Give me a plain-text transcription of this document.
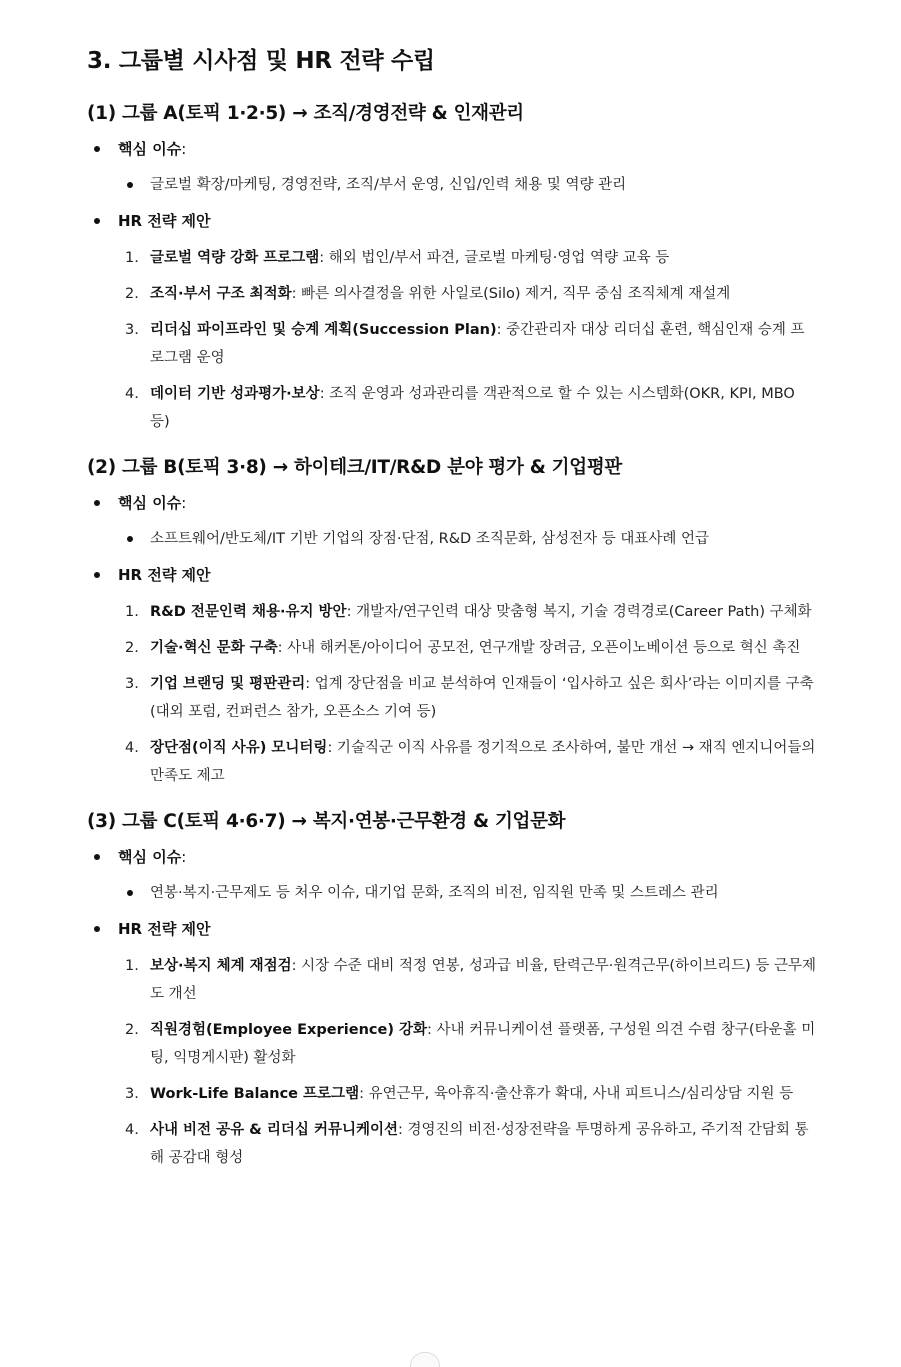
3. 그룹별 시사점 및 HR 전략 수립
(1) 그룹 A(토픽 1·2·5) → 조직/경영전략 & 인재관리
핵심 이슈:
글로벌 확장/마케팅, 경영전략, 조직/부서 운영, 신입/인력 채용 및 역량 관리
HR 전략 제안
1. 글로벌 역량 강화 프로그램: 해외 법인/부서 파견, 글로벌 마케팅·영업 역량 교육 등
2. 조직·부서 구조 최적화: 빠른 의사결정을 위한 사일로(Silo) 제거, 직무 중심 조직체계 재설계
3. 리더십 파이프라인 및 승계 계획(Succession Plan): 중간관리자 대상 리더십 훈련, 핵심인재 승계 프로그램 운영
4. 데이터 기반 성과평가·보상: 조직 운영과 성과관리를 객관적으로 할 수 있는 시스템화(OKR, KPI, MBO 등)
(2) 그룹 B(토픽 3·8) → 하이테크/IT/R&D 분야 평가 & 기업평판
핵심 이슈:
소프트웨어/반도체/IT 기반 기업의 장점·단점, R&D 조직문화, 삼성전자 등 대표사례 언급
HR 전략 제안
1. R&D 전문인력 채용·유지 방안: 개발자/연구인력 대상 맞춤형 복지, 기술 경력경로(Career Path) 구체화
2. 기술·혁신 문화 구축: 사내 해커톤/아이디어 공모전, 연구개발 장려금, 오픈이노베이션 등으로 혁신 촉진
3. 기업 브랜딩 및 평판관리: 업계 장단점을 비교 분석하여 인재들이 ‘입사하고 싶은 회사’라는 이미지를 구축(대외 포럼, 컨퍼런스 참가, 오픈소스 기여 등)
4. 장단점(이직 사유) 모니터링: 기술직군 이직 사유를 정기적으로 조사하여, 불만 개선 → 재직 엔지니어들의 만족도 제고
(3) 그룹 C(토픽 4·6·7) → 복지·연봉·근무환경 & 기업문화
핵심 이슈:
연봉·복지·근무제도 등 처우 이슈, 대기업 문화, 조직의 비전, 임직원 만족 및 스트레스 관리
HR 전략 제안
1. 보상·복지 체계 재점검: 시장 수준 대비 적정 연봉, 성과급 비율, 탄력근무·원격근무(하이브리드) 등 근무제도 개선
2. 직원경험(Employee Experience) 강화: 사내 커뮤니케이션 플랫폼, 구성원 의견 수렴 창구(타운홀 미팅, 익명게시판) 활성화
3. Work-Life Balance 프로그램: 유연근무, 육아휴직·출산휴가 확대, 사내 피트니스/심리상담 지원 등
4. 사내 비전 공유 & 리더십 커뮤니케이션: 경영진의 비전·성장전략을 투명하게 공유하고, 주기적 간담회 통해 공감대 형성
